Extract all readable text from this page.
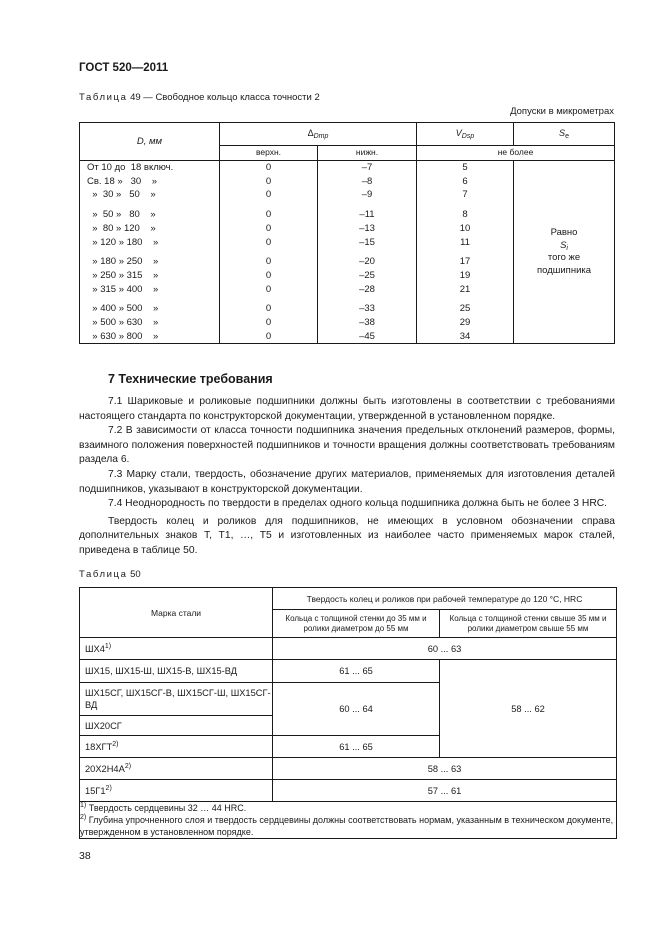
ГОСТ 520—2011
Таблица 49 — Свободное кольцо класса точности 2
Допуски в микрометрах
D, мм	$\Delta_{Dmp}$		$V_{Dsp}$	$S_e$
	верхн.	нижн.	не более	
От 10 до  18 включ.	0	–7	5	Равно
$S_i$
того же
подшипника

Св. 18 »   30    »	0	–8	6	
»  30 »   50    »	0	–9	7	

»  50 »   80    »	0	–11	8	
»  80 » 120    »	0	–13	10	
» 120 » 180    »	0	–15	11	

» 180 » 250    »	0	–20	17	
» 250 » 315    »	0	–25	19	
» 315 » 400    »	0	–28	21	

» 400 » 500    »	0	–33	25	
» 500 » 630    »	0	–38	29	
» 630 » 800    »	0	–45	34	
7 Технические требования

7.1 Шариковые и роликовые подшипники должны быть изготовлены в соответствии с требованиями настоящего стандарта по конструкторской документации, утвержденной в установленном порядке.

7.2 В зависимости от класса точности подшипника значения предельных отклонений размеров, формы, взаимного положения поверхностей подшипников и точности вращения должны соответствовать требованиям раздела 6.

7.3 Марку стали, твердость, обозначение других материалов, применяемых для изготовления деталей подшипников, указывают в конструкторской документации.

7.4 Неоднородность по твердости в пределах одного кольца подшипника должна быть не более 3 HRC.

Твердость колец и роликов для подшипников, не имеющих в условном обозначении справа дополнительных знаков Т, Т1, …, Т5 и изготовленных из наиболее часто применяемых марок сталей, приведена в таблице 50.

Таблица 50
Марка стали	Твердость колец и роликов при рабочей температуре до 120 °С, HRC	
	Кольца с толщиной стенки до 35 мм и ролики диаметром до 55 мм	Кольца с толщиной стенки свыше 35 мм и ролики диаметром свыше 55 мм
ШХ4$^{1)}$	60 ... 63	
ШХ15, ШХ15-Ш, ШХ15-В, ШХ15-ВД	61 ... 65	58 ... 62
ШХ15СГ, ШХ15СГ-В, ШХ15СГ-Ш, ШХ15СГ-ВД	60 ... 64	
ШХ20СГ		
18ХГТ$^{2)}$	61 ... 65	
$20Х2Н4А^{2)}$	58 ... 63	
15Г1$^{2)}$	57 ... 61	

$^{1)}$ Твердость сердцевины 32 … 44 HRC.

$^{2)}$ Глубина упрочненного слоя и твердость сердцевины должны соответствовать нормам, указанным в техническом документе, утвержденном в установленном порядке.		

38
